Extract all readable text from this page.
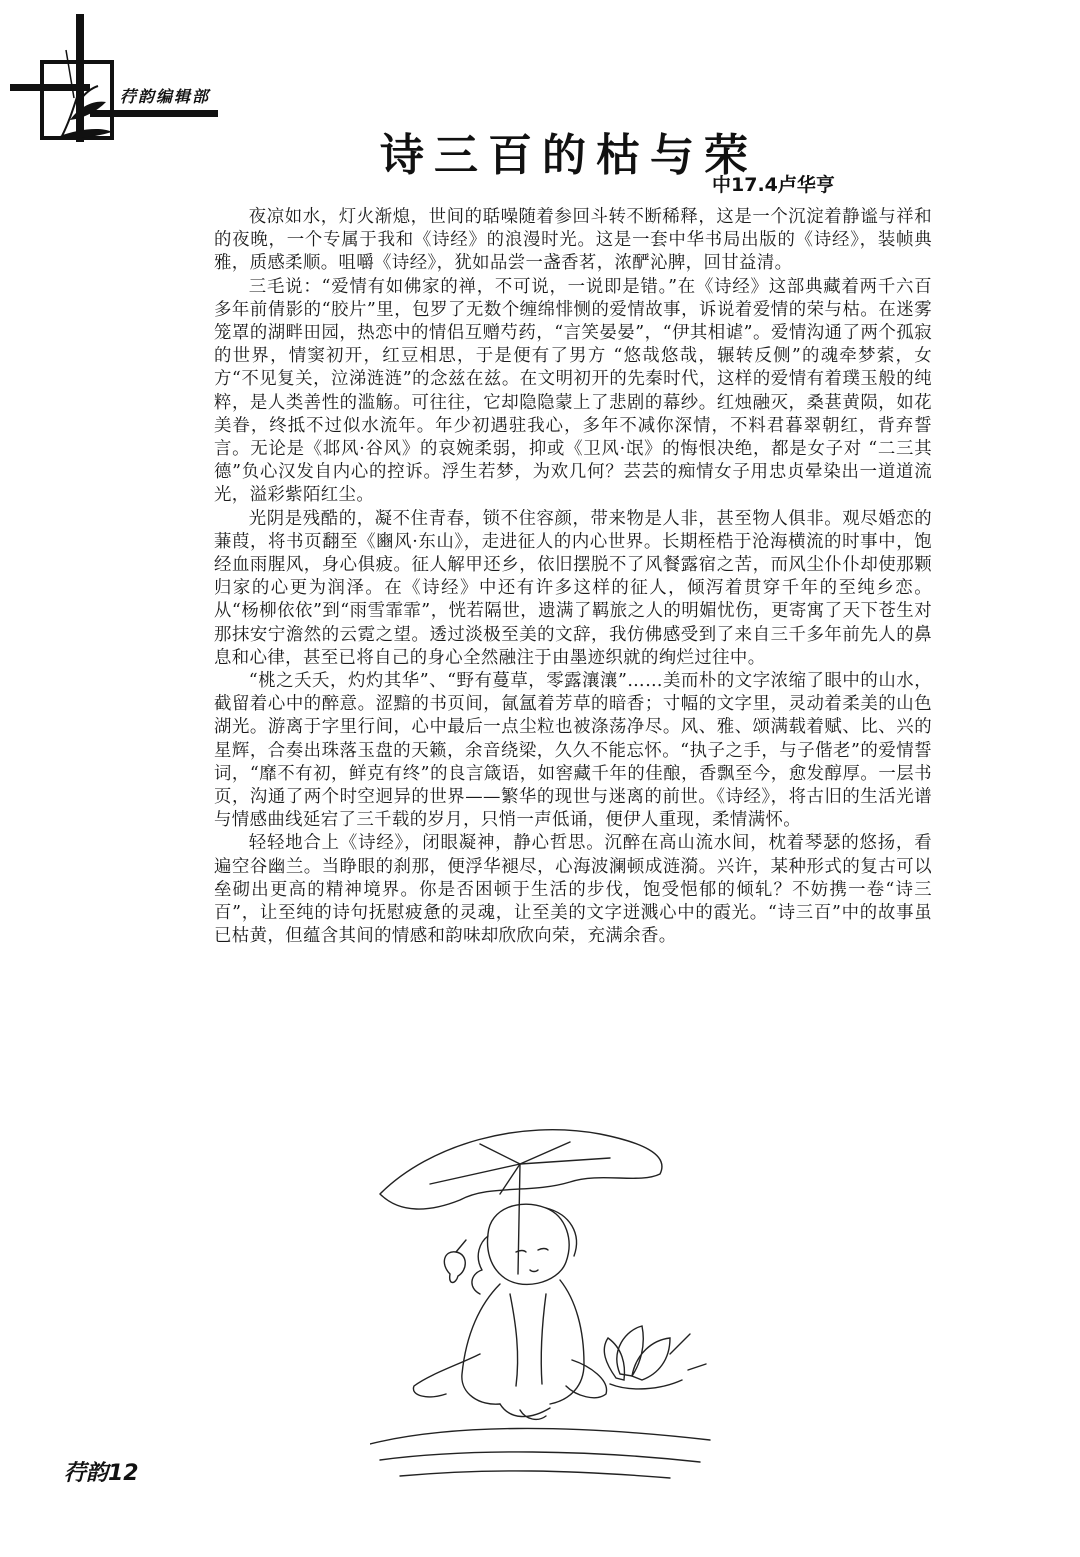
荇韵编辑部
诗三百的枯与荣
中17.4卢华亨

夜凉如水，灯火渐熄，世间的聒噪随着参回斗转不断稀释，这是一个沉淀着静谧与祥和的夜晚，一个专属于我和《诗经》的浪漫时光。这是一套中华书局出版的《诗经》，装帧典雅，质感柔顺。咀嚼《诗经》，犹如品尝一盏香茗，浓酽沁脾，回甘益清。

三毛说：“爱情有如佛家的禅，不可说，一说即是错。”在《诗经》这部典藏着两千六百多年前倩影的“胶片”里，包罗了无数个缠绵悱恻的爱情故事，诉说着爱情的荣与枯。在迷雾笼罩的湖畔田园，热恋中的情侣互赠芍药，“言笑晏晏”，“伊其相谑”。爱情沟通了两个孤寂的世界，情窦初开，红豆相思，于是便有了男方 “悠哉悠哉，辗转反侧”的魂牵梦萦，女方“不见复关，泣涕涟涟”的念兹在兹。在文明初开的先秦时代，这样的爱情有着璞玉般的纯粹，是人类善性的滥觞。可往往，它却隐隐蒙上了悲剧的幕纱。红烛融灭，桑葚黄陨，如花美眷，终抵不过似水流年。年少初遇驻我心，多年不减你深情，不料君暮翠朝红，背弃誓言。无论是《邶风·谷风》的哀婉柔弱，抑或《卫风·氓》的悔恨决绝，都是女子对 “二三其德”负心汉发自内心的控诉。浮生若梦，为欢几何？芸芸的痴情女子用忠贞晕染出一道道流光，溢彩紫陌红尘。

光阴是残酷的，凝不住青春，锁不住容颜，带来物是人非，甚至物人俱非。观尽婚恋的蒹葭，将书页翻至《豳风·东山》，走进征人的内心世界。长期桎梏于沧海横流的时事中，饱经血雨腥风，身心俱疲。征人解甲还乡，依旧摆脱不了风餐露宿之苦，而风尘仆仆却使那颗归家的心更为润泽。在《诗经》中还有许多这样的征人，倾泻着贯穿千年的至纯乡恋。从“杨柳依依”到“雨雪霏霏”，恍若隔世，遗满了羁旅之人的明媚忧伤，更寄寓了天下苍生对那抹安宁澹然的云霓之望。透过淡极至美的文辞，我仿佛感受到了来自三千多年前先人的鼻息和心律，甚至已将自己的身心全然融注于由墨迹织就的绚烂过往中。

“桃之夭夭，灼灼其华”、“野有蔓草，零露瀼瀼”……美而朴的文字浓缩了眼中的山水，截留着心中的醉意。涩黯的书页间，氤氲着芳草的暗香；寸幅的文字里，灵动着柔美的山色湖光。游离于字里行间，心中最后一点尘粒也被涤荡净尽。风、雅、颂满载着赋、比、兴的星辉，合奏出珠落玉盘的天籁，余音绕梁，久久不能忘怀。“执子之手，与子偕老”的爱情誓词，“靡不有初，鲜克有终”的良言箴语，如窖藏千年的佳酿，香飘至今，愈发醇厚。一层书页，沟通了两个时空迥异的世界——繁华的现世与迷离的前世。《诗经》，将古旧的生活光谱与情感曲线延宕了三千载的岁月，只悄一声低诵，便伊人重现，柔情满怀。

轻轻地合上《诗经》，闭眼凝神，静心哲思。沉醉在高山流水间，枕着琴瑟的悠扬，看遍空谷幽兰。当睁眼的刹那，便浮华褪尽，心海波澜顿成涟漪。兴许，某种形式的复古可以垒砌出更高的精神境界。你是否困顿于生活的步伐，饱受悒郁的倾轧？不妨携一卷“诗三百”，让至纯的诗句抚慰疲惫的灵魂，让至美的文字迸溅心中的霞光。“诗三百”中的故事虽已枯黄，但蕴含其间的情感和韵味却欣欣向荣，充满余香。

荇韵12
